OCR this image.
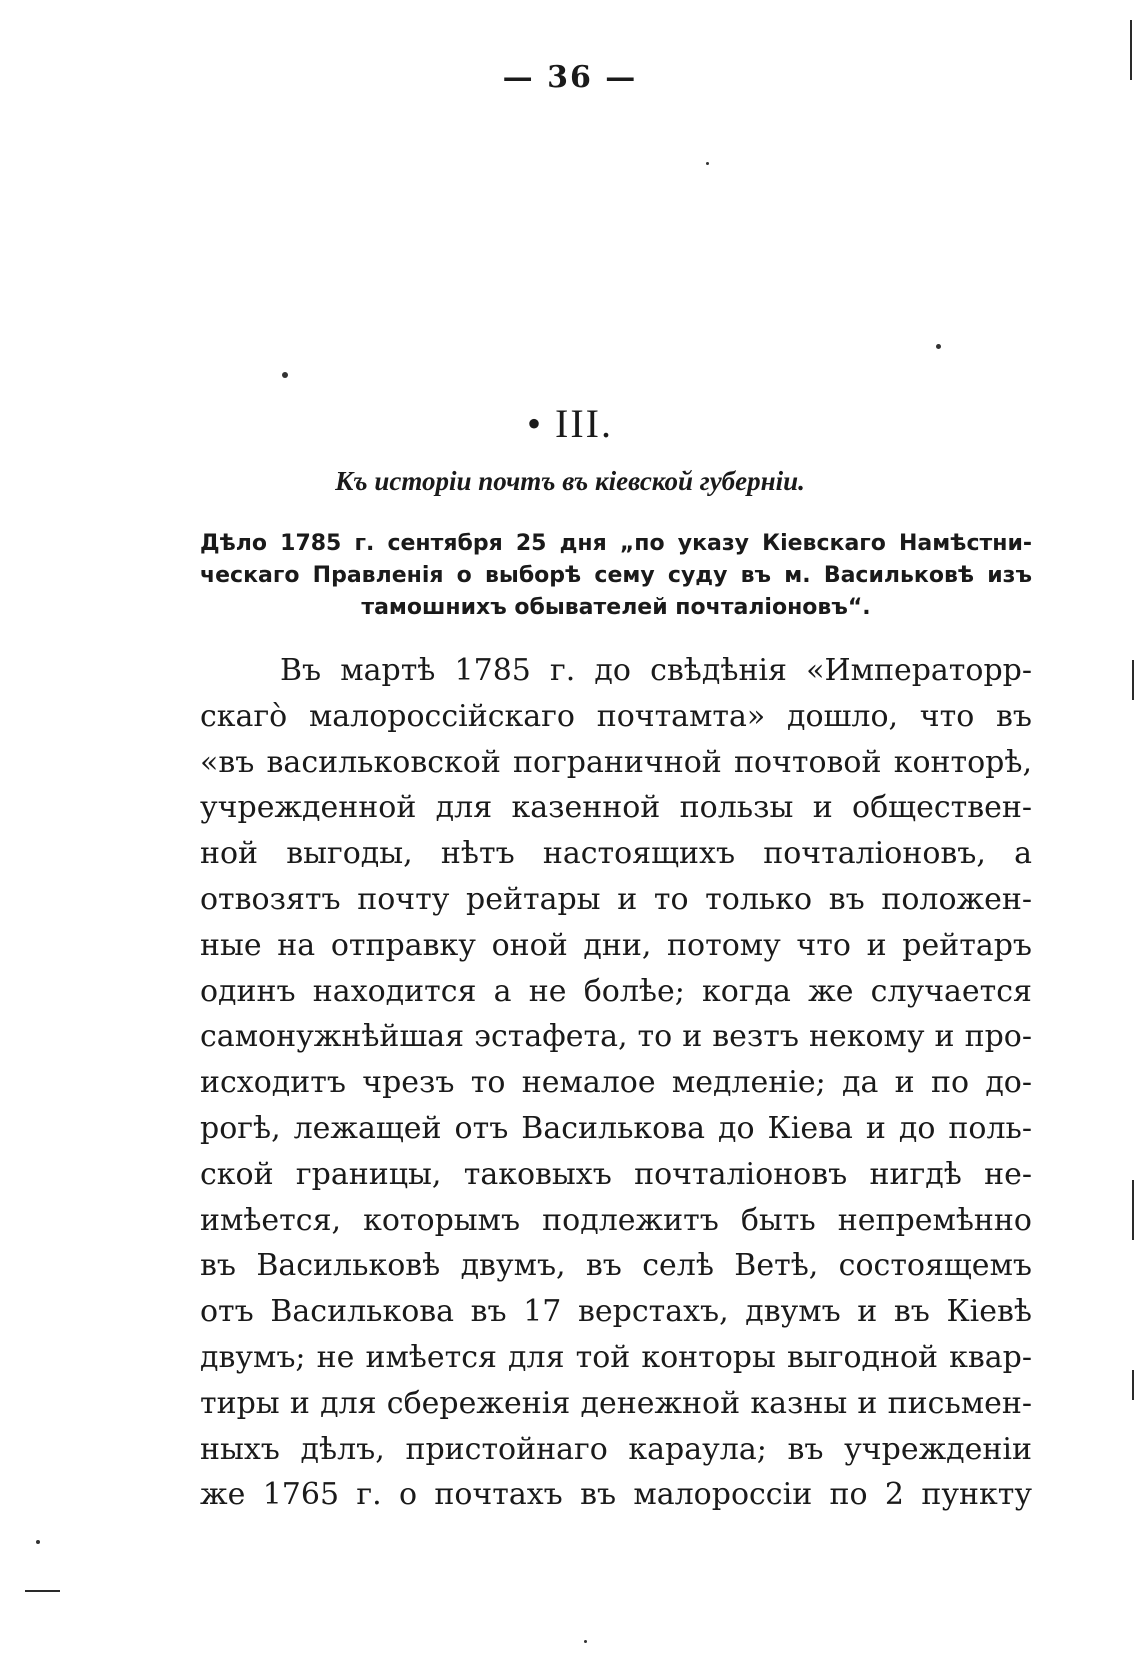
— 36 —
• III.
Къ исторіи почтъ въ кіевской губерніи.
Дѣло 1785 г. сентября 25 дня „по указу Кіевскаго Намѣстни-
ческаго Правленія о выборѣ сему суду въ м. Васильковѣ изъ
тамошнихъ обывателей почталіоновъ“.
Въ мартѣ 1785 г. до свѣдѣнія «Императорр-
скагò малороссійскаго почтамта» дошло, что въ
«въ васильковской пограничной почтовой конторѣ,
учрежденной для казенной пользы и обществен-
ной выгоды, нѣтъ настоящихъ почталіоновъ, а
отвозятъ почту рейтары и то только въ положен-
ные на отправку оной дни, потому что и рейтаръ
одинъ находится а не болѣе; когда же случается
самонужнѣйшая эстафета, то и везтъ некому и про-
исходитъ чрезъ то немалое медленіе; да и по до-
рогѣ, лежащей отъ Василькова до Кіева и до поль-
ской границы, таковыхъ почталіоновъ нигдѣ не-
имѣется, которымъ подлежитъ быть непремѣнно
въ Васильковѣ двумъ, въ селѣ Ветѣ, состоящемъ
отъ Василькова въ 17 верстахъ, двумъ и въ Кіевѣ
двумъ; не имѣется для той конторы выгодной квар-
тиры и для сбереженія денежной казны и письмен-
ныхъ дѣлъ, пристойнаго караула; въ учрежденіи
же 1765 г. о почтахъ въ малороссіи по 2 пункту
